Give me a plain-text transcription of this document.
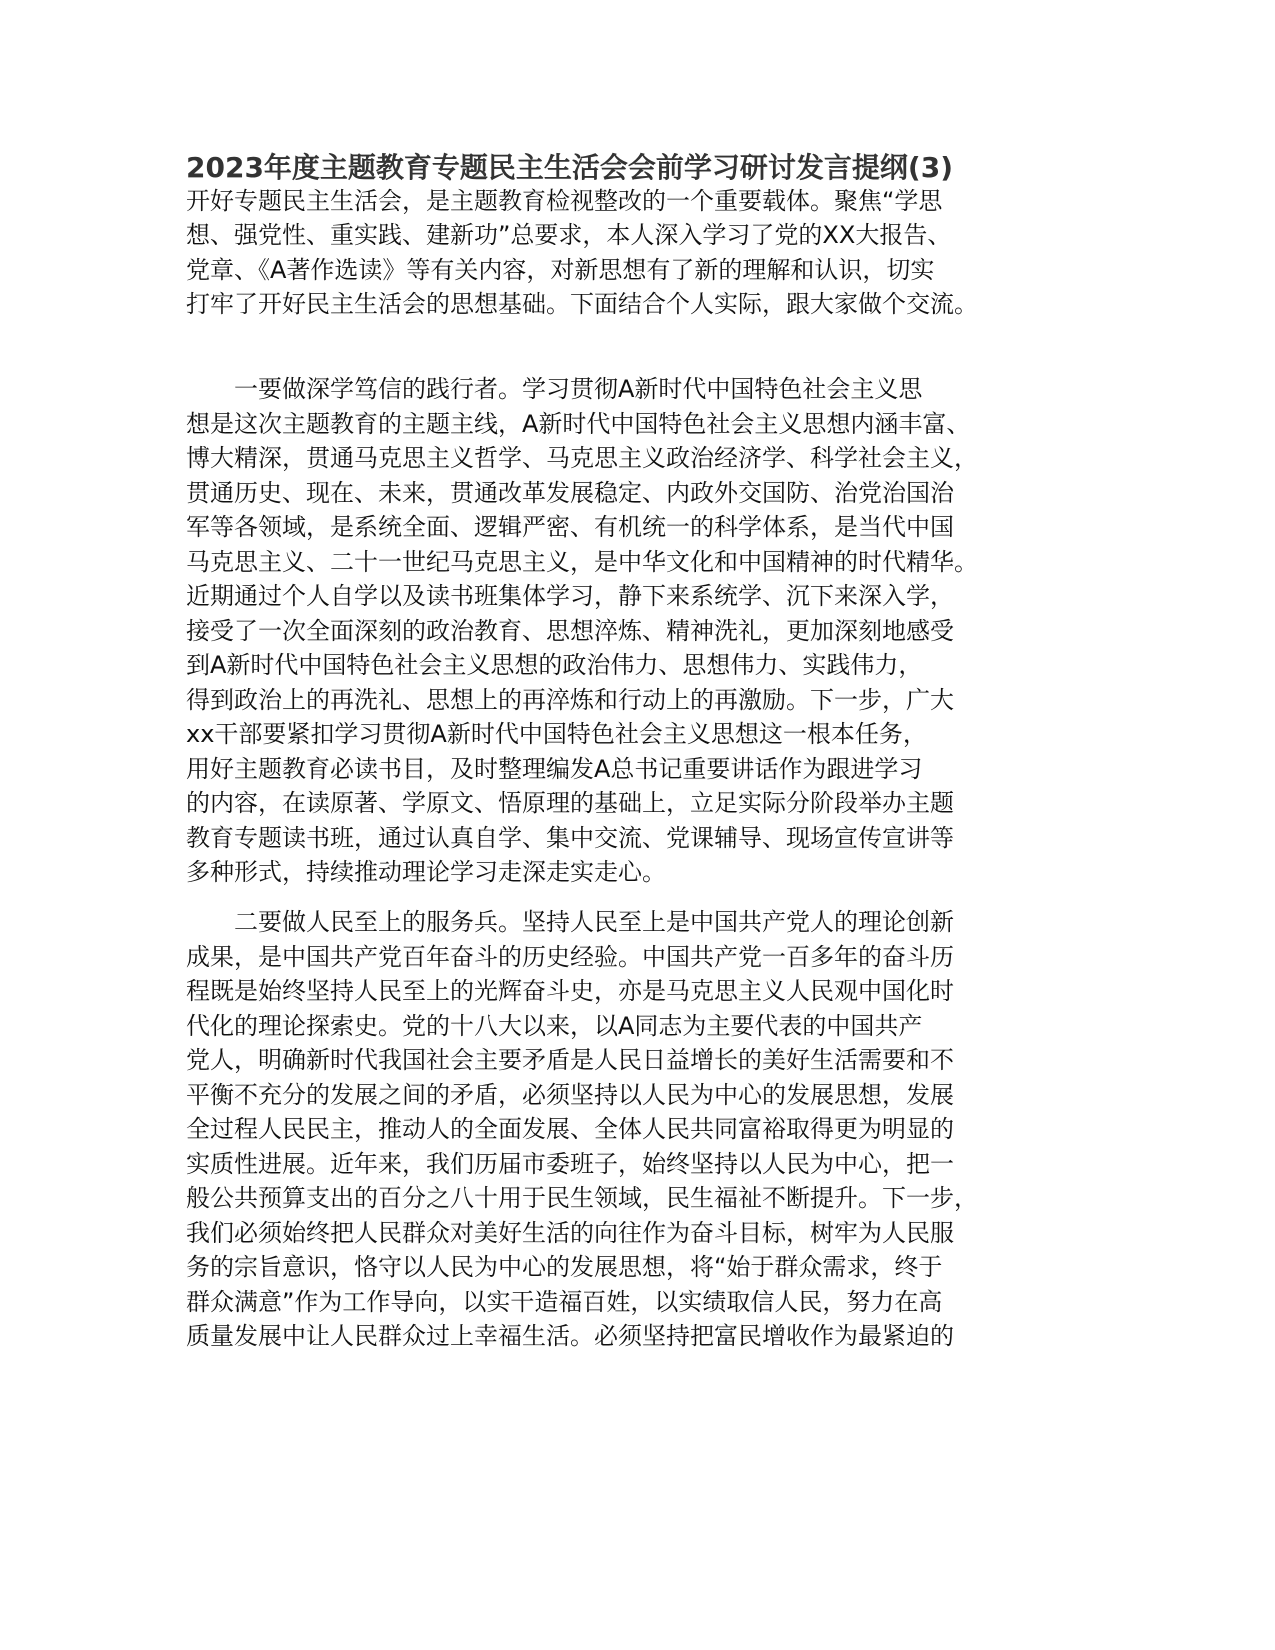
2023年度主题教育专题民主生活会会前学习研讨发言提纲(3)
开好专题民主生活会，是主题教育检视整改的一个重要载体。聚焦“学思
想、强党性、重实践、建新功”总要求，本人深入学习了党的XX大报告、
党章、《A著作选读》等有关内容，对新思想有了新的理解和认识，切实
打牢了开好民主生活会的思想基础。下面结合个人实际，跟大家做个交流。
一要做深学笃信的践行者。学习贯彻A新时代中国特色社会主义思
想是这次主题教育的主题主线，A新时代中国特色社会主义思想内涵丰富、
博大精深，贯通马克思主义哲学、马克思主义政治经济学、科学社会主义，
贯通历史、现在、未来，贯通改革发展稳定、内政外交国防、治党治国治
军等各领域，是系统全面、逻辑严密、有机统一的科学体系，是当代中国
马克思主义、二十一世纪马克思主义，是中华文化和中国精神的时代精华。
近期通过个人自学以及读书班集体学习，静下来系统学、沉下来深入学，
接受了一次全面深刻的政治教育、思想淬炼、精神洗礼，更加深刻地感受
到A新时代中国特色社会主义思想的政治伟力、思想伟力、实践伟力，
得到政治上的再洗礼、思想上的再淬炼和行动上的再激励。下一步，广大
xx干部要紧扣学习贯彻A新时代中国特色社会主义思想这一根本任务，
用好主题教育必读书目，及时整理编发A总书记重要讲话作为跟进学习
的内容，在读原著、学原文、悟原理的基础上，立足实际分阶段举办主题
教育专题读书班，通过认真自学、集中交流、党课辅导、现场宣传宣讲等
多种形式，持续推动理论学习走深走实走心。
二要做人民至上的服务兵。坚持人民至上是中国共产党人的理论创新
成果，是中国共产党百年奋斗的历史经验。中国共产党一百多年的奋斗历
程既是始终坚持人民至上的光辉奋斗史，亦是马克思主义人民观中国化时
代化的理论探索史。党的十八大以来，以A同志为主要代表的中国共产
党人，明确新时代我国社会主要矛盾是人民日益增长的美好生活需要和不
平衡不充分的发展之间的矛盾，必须坚持以人民为中心的发展思想，发展
全过程人民民主，推动人的全面发展、全体人民共同富裕取得更为明显的
实质性进展。近年来，我们历届市委班子，始终坚持以人民为中心，把一
般公共预算支出的百分之八十用于民生领域，民生福祉不断提升。下一步，
我们必须始终把人民群众对美好生活的向往作为奋斗目标，树牢为人民服
务的宗旨意识，恪守以人民为中心的发展思想，将“始于群众需求，终于
群众满意”作为工作导向，以实干造福百姓，以实绩取信人民，努力在高
质量发展中让人民群众过上幸福生活。必须坚持把富民增收作为最紧迫的
